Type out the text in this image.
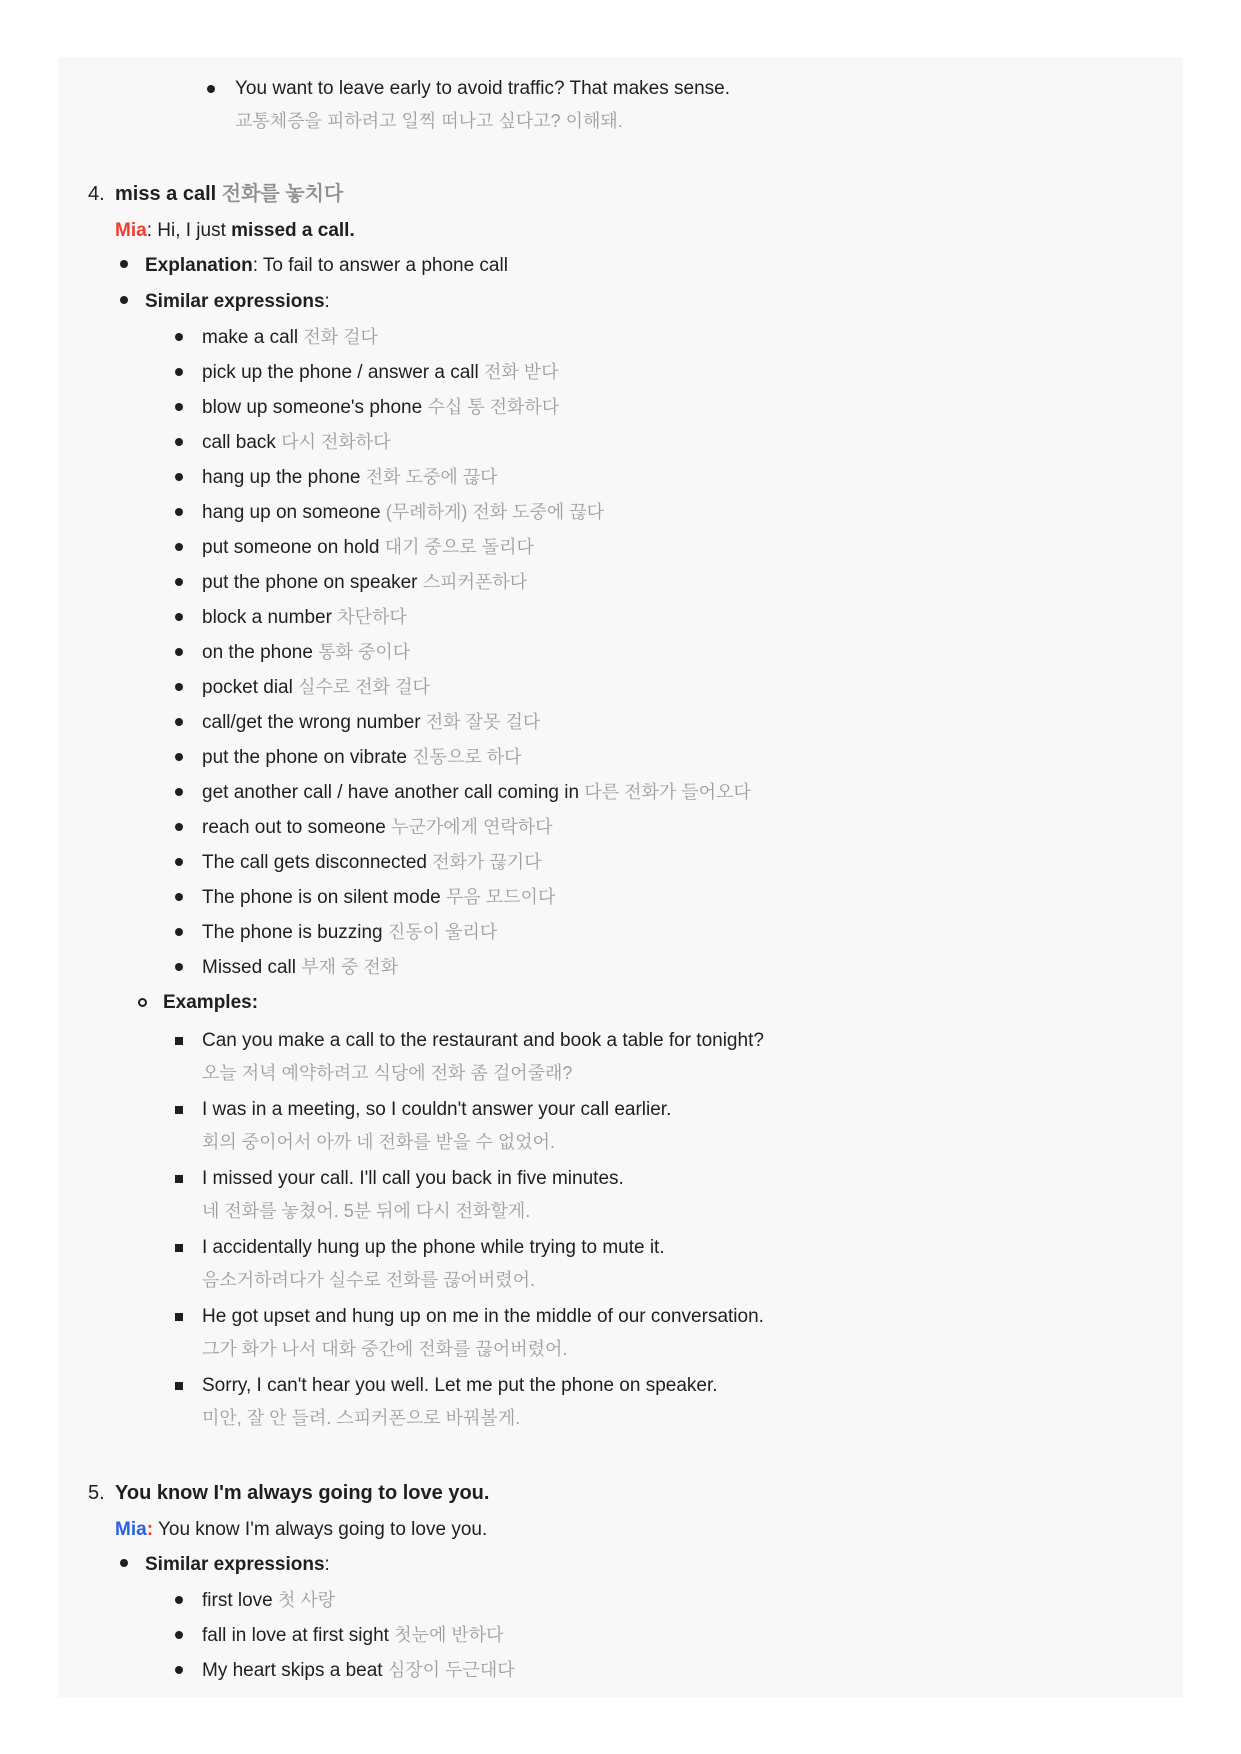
You want to leave early to avoid traffic? That makes sense.
교통체증을 피하려고 일찍 떠나고 싶다고? 이해돼.
4. miss a call 전화를 놓치다
Mia: Hi, I just missed a call.
Explanation: To fail to answer a phone call
Similar expressions:
make a call 전화 걸다
pick up the phone / answer a call 전화 받다
blow up someone's phone 수십 통 전화하다
call back 다시 전화하다
hang up the phone 전화 도중에 끊다
hang up on someone (무례하게) 전화 도중에 끊다
put someone on hold 대기 중으로 돌리다
put the phone on speaker 스피커폰하다
block a number 차단하다
on the phone 통화 중이다
pocket dial 실수로 전화 걸다
call/get the wrong number 전화 잘못 걸다
put the phone on vibrate 진동으로 하다
get another call / have another call coming in 다른 전화가 들어오다
reach out to someone 누군가에게 연락하다
The call gets disconnected 전화가 끊기다
The phone is on silent mode 무음 모드이다
The phone is buzzing 진동이 울리다
Missed call 부재 중 전화
Examples:
Can you make a call to the restaurant and book a table for tonight?
오늘 저녁 예약하려고 식당에 전화 좀 걸어줄래?
I was in a meeting, so I couldn't answer your call earlier.
회의 중이어서 아까 네 전화를 받을 수 없었어.
I missed your call. I'll call you back in five minutes.
네 전화를 놓쳤어. 5분 뒤에 다시 전화할게.
I accidentally hung up the phone while trying to mute it.
음소거하려다가 실수로 전화를 끊어버렸어.
He got upset and hung up on me in the middle of our conversation.
그가 화가 나서 대화 중간에 전화를 끊어버렸어.
Sorry, I can't hear you well. Let me put the phone on speaker.
미안, 잘 안 들려. 스피커폰으로 바꿔볼게.
5. You know I'm always going to love you.
Mia: You know I'm always going to love you.
Similar expressions:
first love 첫 사랑
fall in love at first sight 첫눈에 반하다
My heart skips a beat 심장이 두근대다
